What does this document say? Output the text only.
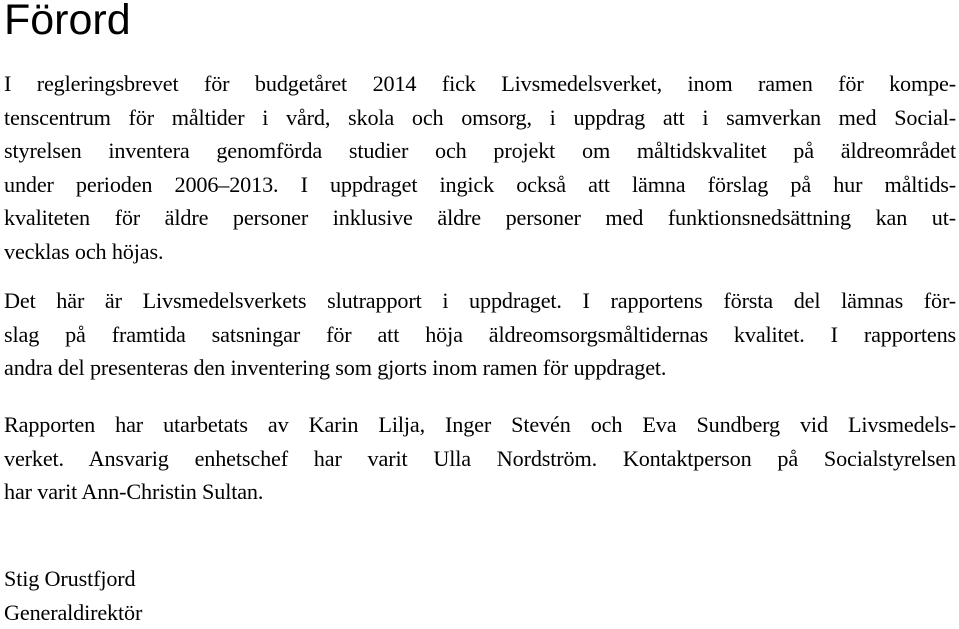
Förord
I regleringsbrevet för budgetåret 2014 fick Livsmedelsverket, inom ramen för kompe-
tenscentrum för måltider i vård, skola och omsorg, i uppdrag att i samverkan med Social-
styrelsen inventera genomförda studier och projekt om måltidskvalitet på äldreområdet
under perioden 2006–2013. I uppdraget ingick också att lämna förslag på hur måltids-
kvaliteten för äldre personer inklusive äldre personer med funktionsnedsättning kan ut-
vecklas och höjas.
Det här är Livsmedelsverkets slutrapport i uppdraget. I rapportens första del lämnas för-
slag på framtida satsningar för att höja äldreomsorgsmåltidernas kvalitet. I rapportens
andra del presenteras den inventering som gjorts inom ramen för uppdraget.
Rapporten har utarbetats av Karin Lilja, Inger Stevén och Eva Sundberg vid Livsmedels-
verket. Ansvarig enhetschef har varit Ulla Nordström. Kontaktperson på Socialstyrelsen
har varit Ann-Christin Sultan.
Stig Orustfjord
Generaldirektör
